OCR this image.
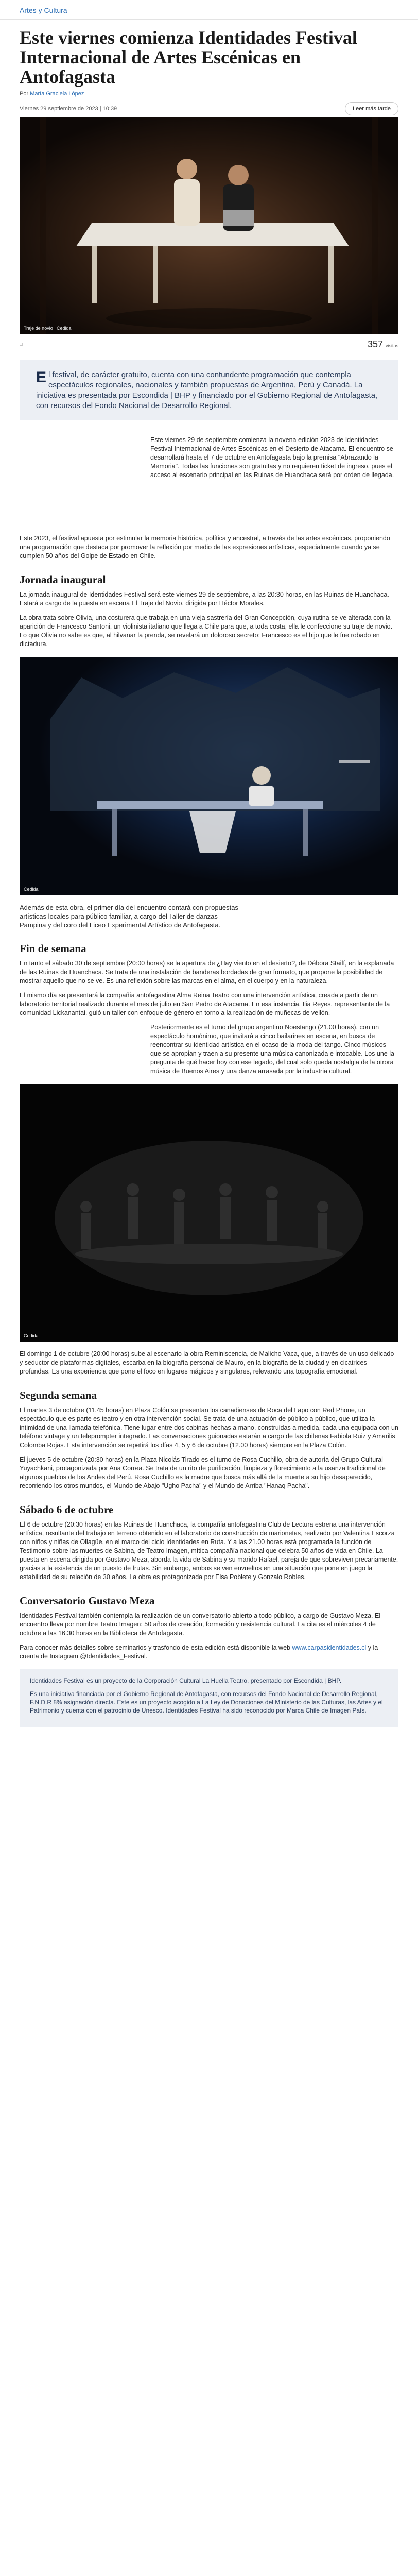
Artes y Cultura
Este viernes comienza Identidades Festival Internacional de Artes Escénicas en Antofagasta
Por María Graciela López
Viernes 29 septiembre de 2023 | 10:39	Leer más tarde
Traje de novio | Cedida
□	357 visitas

E l festival, de carácter gratuito, cuenta con una contundente programación que contempla espectáculos regionales, nacionales y también propuestas de Argentina, Perú y Canadá. La iniciativa es presentada por Escondida | BHP y financiado por el Gobierno Regional de Antofagasta, con recursos del Fondo Nacional de Desarrollo Regional.

Este viernes 29 de septiembre comienza la novena edición 2023 de Identidades Festival Internacional de Artes Escénicas en el Desierto de Atacama. El encuentro se desarrollará hasta el 7 de octubre en Antofagasta bajo la premisa "Abrazando la Memoria". Todas las funciones son gratuitas y no requieren ticket de ingreso, pues el acceso al escenario principal en las Ruinas de Huanchaca será por orden de llegada.

Este 2023, el festival apuesta por estimular la memoria histórica, política y ancestral, a través de las artes escénicas, proponiendo una programación que destaca por promover la reflexión por medio de las expresiones artísticas, especialmente cuando ya se cumplen 50 años del Golpe de Estado en Chile.

Jornada inaugural

La jornada inaugural de Identidades Festival será este viernes 29 de septiembre, a las 20:30 horas, en las Ruinas de Huanchaca. Estará a cargo de la puesta en escena El Traje del Novio, dirigida por Héctor Morales.

La obra trata sobre Olivia, una costurera que trabaja en una vieja sastrería del Gran Concepción, cuya rutina se ve alterada con la aparición de Francesco Santoni, un violinista italiano que llega a Chile para que, a toda costa, ella le confeccione su traje de novio. Lo que Olivia no sabe es que, al hilvanar la prenda, se revelará un doloroso secreto: Francesco es el hijo que le fue robado en dictadura.

Cedida

Además de esta obra, el primer día del encuentro contará con propuestas artísticas locales para público familiar, a cargo del Taller de danzas Pampina y del coro del Liceo Experimental Artístico de Antofagasta.

Fin de semana

En tanto el sábado 30 de septiembre (20:00 horas) se la apertura de ¿Hay viento en el desierto?, de Débora Staiff, en la explanada de las Ruinas de Huanchaca. Se trata de una instalación de banderas bordadas de gran formato, que propone la posibilidad de mostrar aquello que no se ve. Es una reflexión sobre las marcas en el alma, en el cuerpo y en la naturaleza.

El mismo día se presentará la compañía antofagastina Alma Reina Teatro con una intervención artística, creada a partir de un laboratorio territorial realizado durante el mes de julio en San Pedro de Atacama. En esa instancia, Ilia Reyes, representante de la comunidad Lickanantai, guió un taller con enfoque de género en torno a la realización de muñecas de vellón.

Posteriormente es el turno del grupo argentino Noestango (21.00 horas), con un espectáculo homónimo, que invitará a cinco bailarines en escena, en busca de reencontrar su identidad artística en el ocaso de la moda del tango. Cinco músicos que se apropian y traen a su presente una música canonizada e intocable. Los une la pregunta de qué hacer hoy con ese legado, del cual solo queda nostalgia de la otrora música de Buenos Aires y una danza arrasada por la industria cultural.

Cedida

El domingo 1 de octubre (20:00 horas) sube al escenario la obra Reminiscencia, de Malicho Vaca, que, a través de un uso delicado y seductor de plataformas digitales, escarba en la biografía personal de Mauro, en la biografía de la ciudad y en cicatrices profundas. Es una experiencia que pone el foco en lugares mágicos y singulares, relevando una topografía emocional.

Segunda semana

El martes 3 de octubre (11.45 horas) en Plaza Colón se presentan los canadienses de Roca del Lapo con Red Phone, un espectáculo que es parte es teatro y en otra intervención social. Se trata de una actuación de público a público, que utiliza la intimidad de una llamada telefónica. Tiene lugar entre dos cabinas hechas a mano, construidas a medida, cada una equipada con un teléfono vintage y un teleprompter integrado. Las conversaciones guionadas estarán a cargo de las chilenas Fabiola Ruiz y Amarilis Colomba Rojas. Esta intervención se repetirá los días 4, 5 y 6 de octubre (12.00 horas) siempre en la Plaza Colón.

El jueves 5 de octubre (20:30 horas) en la Plaza Nicolás Tirado es el turno de Rosa Cuchillo, obra de autoría del Grupo Cultural Yuyachkani, protagonizada por Ana Correa. Se trata de un rito de purificación, limpieza y florecimiento a la usanza tradicional de algunos pueblos de los Andes del Perú. Rosa Cuchillo es la madre que busca más allá de la muerte a su hijo desaparecido, recorriendo los otros mundos, el Mundo de Abajo "Ugho Pacha" y el Mundo de Arriba "Hanaq Pacha".

Sábado 6 de octubre

El 6 de octubre (20:30 horas) en las Ruinas de Huanchaca, la compañía antofagastina Club de Lectura estrena una intervención artística, resultante del trabajo en terreno obtenido en el laboratorio de construcción de marionetas, realizado por Valentina Escorza con niños y niñas de Ollagüe, en el marco del ciclo Identidades en Ruta. Y a las 21.00 horas está programada la función de Testimonio sobre las muertes de Sabina, de Teatro Imagen, mítica compañía nacional que celebra 50 años de vida en Chile. La puesta en escena dirigida por Gustavo Meza, aborda la vida de Sabina y su marido Rafael, pareja de que sobreviven precariamente, gracias a la existencia de un puesto de frutas. Sin embargo, ambos se ven envueltos en una situación que pone en juego la estabilidad de su relación de 30 años. La obra es protagonizada por Elsa Poblete y Gonzalo Robles.

Conversatorio Gustavo Meza

Identidades Festival también contempla la realización de un conversatorio abierto a todo público, a cargo de Gustavo Meza. El encuentro lleva por nombre Teatro Imagen: 50 años de creación, formación y resistencia cultural. La cita es el miércoles 4 de octubre a las 16.30 horas en la Biblioteca de Antofagasta.

Para conocer más detalles sobre seminarios y trasfondo de esta edición está disponible la web www.carpasidentidades.cl y la cuenta de Instagram @Identidades_Festival.

Identidades Festival es un proyecto de la Corporación Cultural La Huella Teatro, presentado por Escondida | BHP.

Es una iniciativa financiada por el Gobierno Regional de Antofagasta, con recursos del Fondo Nacional de Desarrollo Regional, F.N.D.R 8% asignación directa. Este es un proyecto acogido a La Ley de Donaciones del Ministerio de las Culturas, las Artes y el Patrimonio y cuenta con el patrocinio de Unesco. Identidades Festival ha sido reconocido por Marca Chile de Imagen País.
